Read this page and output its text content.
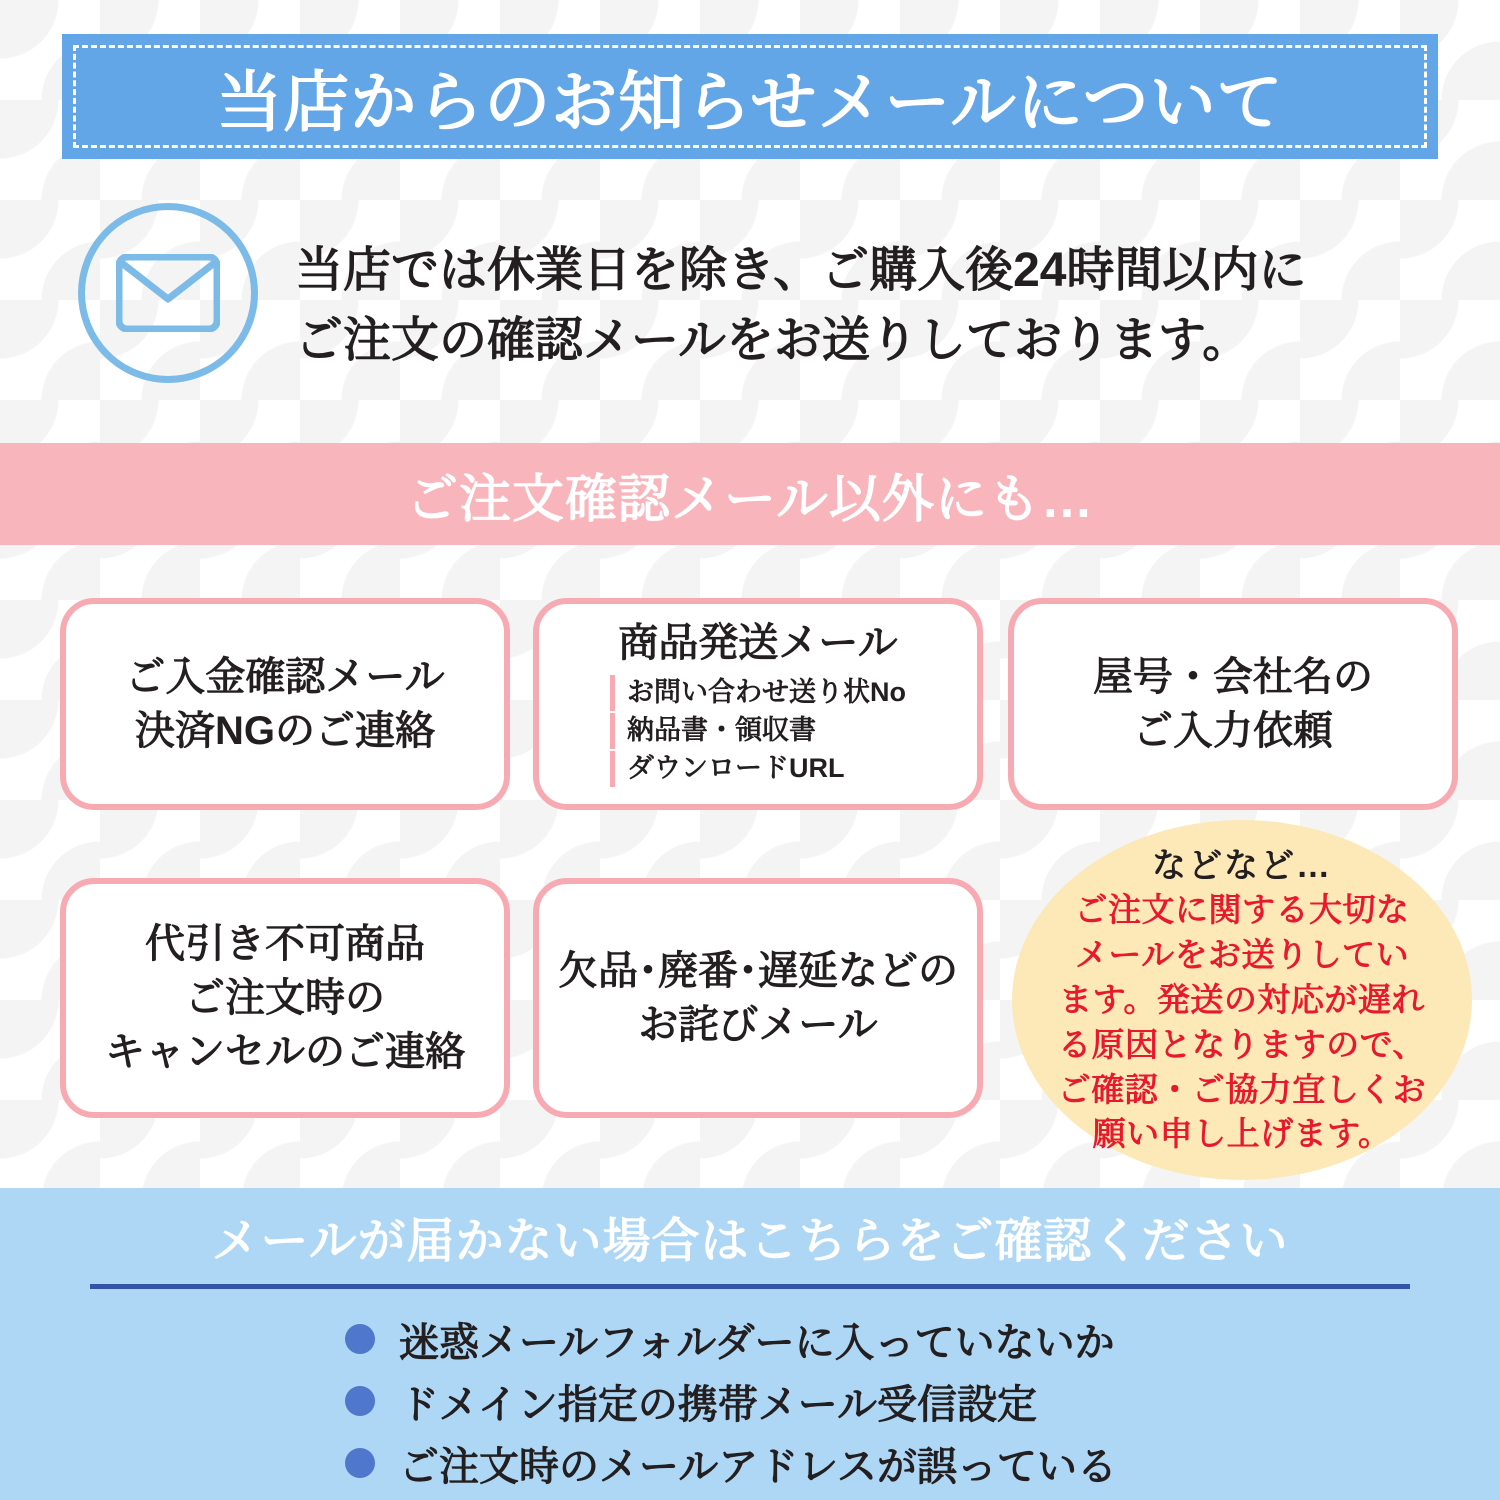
当店からのお知らせメールについて
当店では休業日を除き、ご購入後24時間以内に
ご注文の確認メールをお送りしております。
ご注文確認メール以外にも…
ご入金確認メール
決済NGのご連絡
商品発送メール
お問い合わせ送り状No
納品書・領収書
ダウンロードURL
屋号・会社名の
ご入力依頼
代引き不可商品
ご注文時の
キャンセルのご連絡
欠品･廃番･遅延などの
お詫びメール
などなど…
ご注文に関する大切な
メールをお送りしてい
ます。発送の対応が遅れ
る原因となりますので、
ご確認・ご協力宜しくお
願い申し上げます。
メールが届かない場合はこちらをご確認ください
迷惑メールフォルダーに入っていないか
ドメイン指定の携帯メール受信設定
ご注文時のメールアドレスが誤っている
